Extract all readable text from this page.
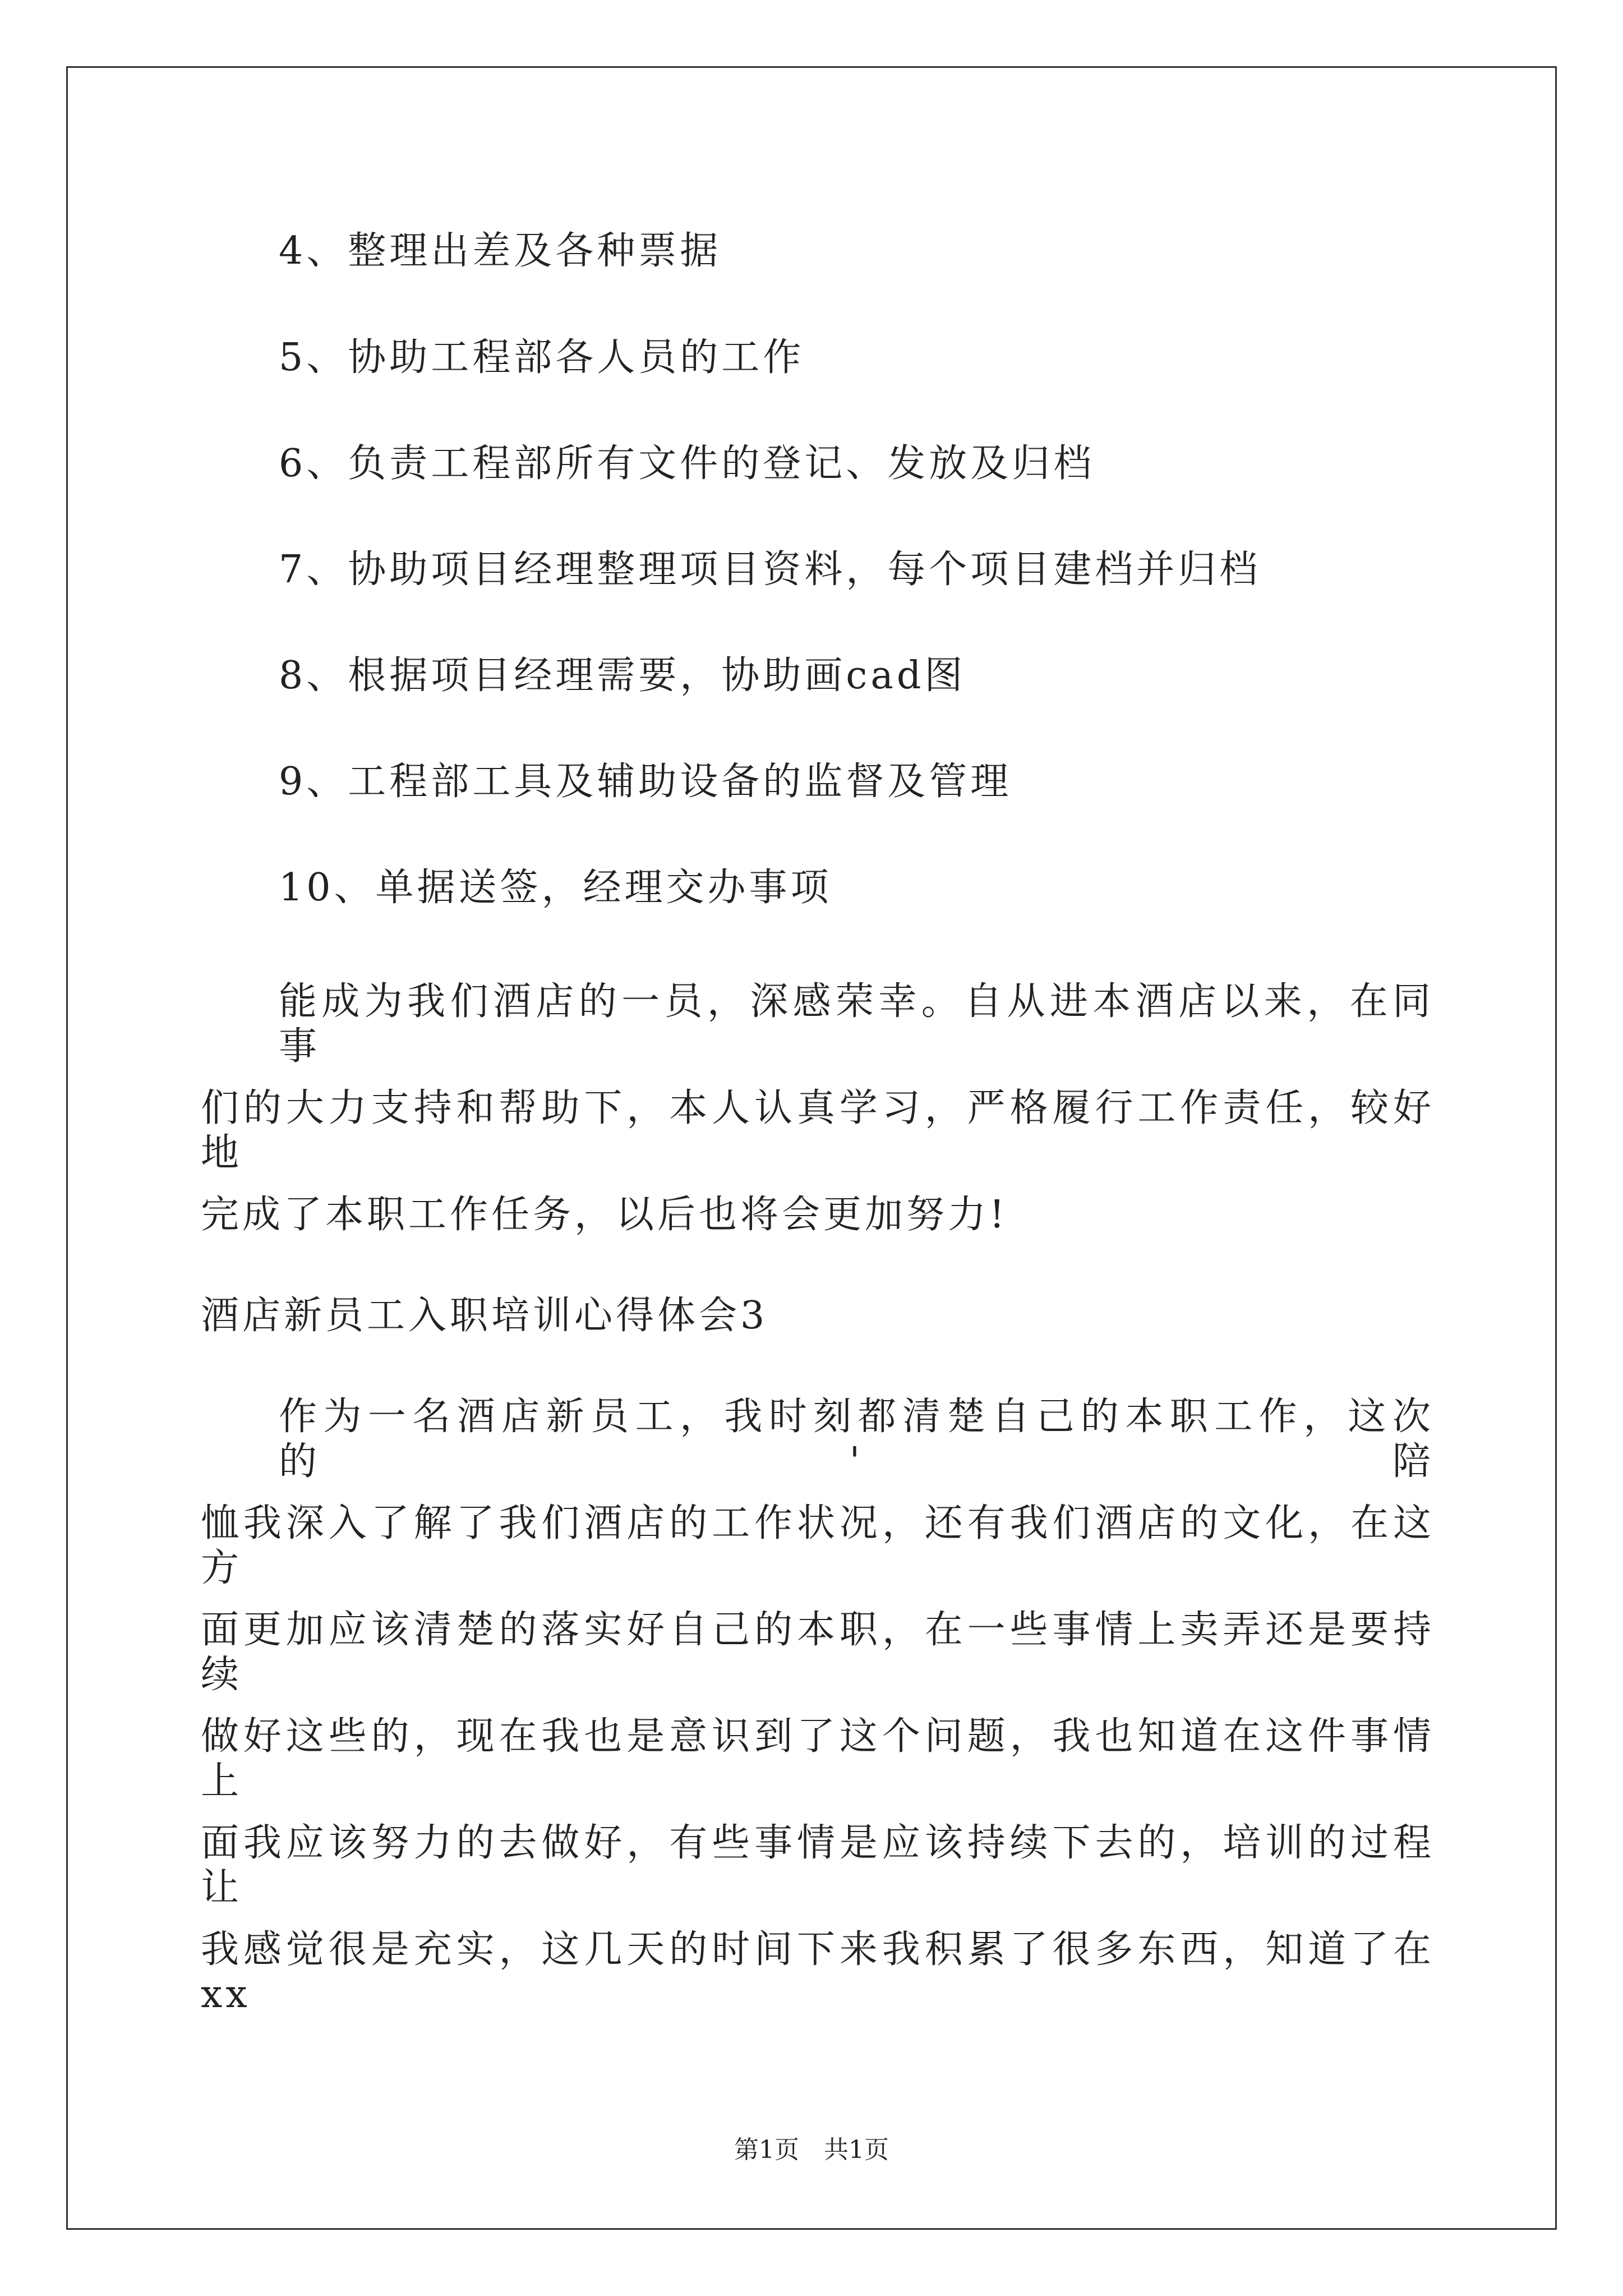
4、整理出差及各种票据
5、协助工程部各人员的工作
6、负责工程部所有文件的登记、发放及归档
7、协助项目经理整理项目资料，每个项目建档并归档
8、根据项目经理需要，协助画cad图
9、工程部工具及辅助设备的监督及管理
10、单据送签，经理交办事项
能成为我们酒店的一员，深感荣幸。自从进本酒店以来，在同事
们的大力支持和帮助下，本人认真学习，严格履行工作责任，较好地
完成了本职工作任务，以后也将会更加努力!
酒店新员工入职培训心得体会3
作为一名酒店新员工，我时刻都清楚自己的本职工作，这次的'陪
恤我深入了解了我们酒店的工作状况，还有我们酒店的文化，在这方
面更加应该清楚的落实好自己的本职，在一些事情上卖弄还是要持续
做好这些的，现在我也是意识到了这个问题，我也知道在这件事情上
面我应该努力的去做好，有些事情是应该持续下去的，培训的过程让
我感觉很是充实，这几天的时间下来我积累了很多东西，知道了在xx
第1页　共1页
